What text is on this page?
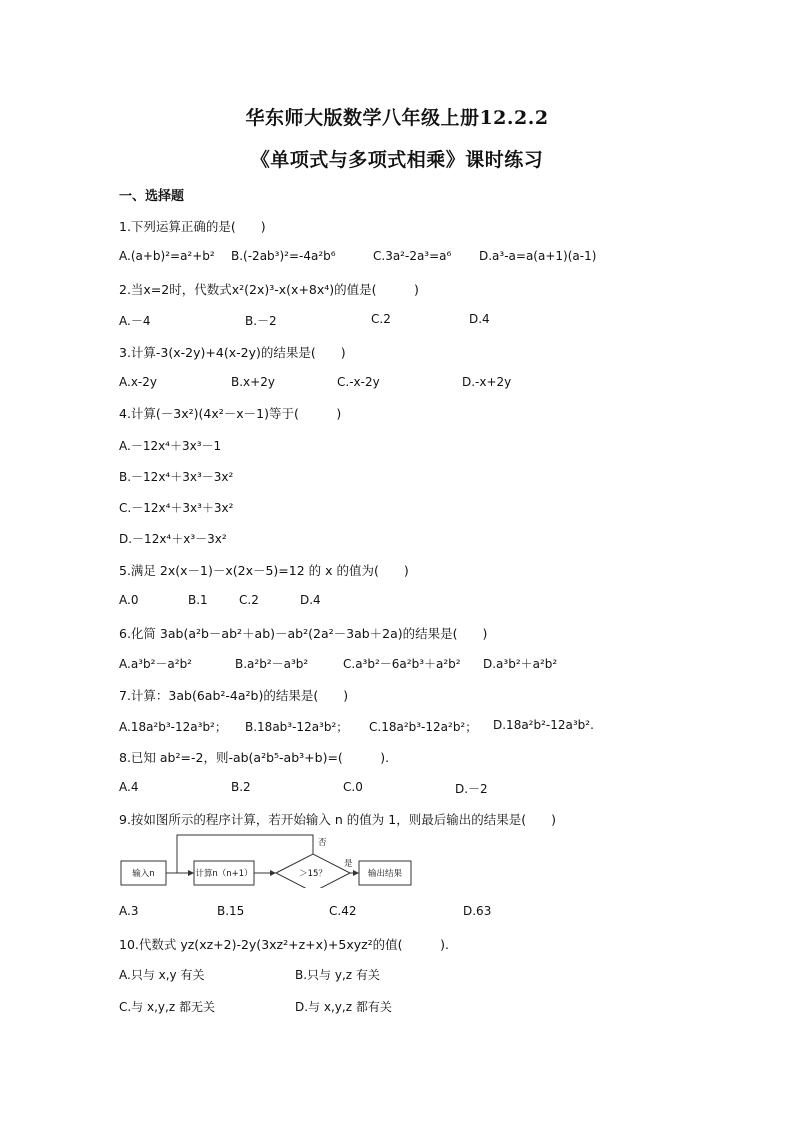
华东师大版数学八年级上册12.2.2
《单项式与多项式相乘》课时练习
一、选择题
1.下列运算正确的是(　　)
A.(a+b)²=a²+b² B.(-2ab³)²=-4a²b⁶	C.3a²-2a³=a⁶ D.a³-a=a(a+1)(a-1)
2.当x=2时，代数式x²(2x)³-x(x+8x⁴)的值是(　　　)
A.－4	B.－2	C.2	D.4
3.计算-3(x-2y)+4(x-2y)的结果是(　　)
A.x-2y	B.x+2y	C.-x-2y	D.-x+2y
4.计算(－3x²)(4x²－x－1)等于(　　　)
A.－12x⁴＋3x³－1
B.－12x⁴＋3x³－3x²
C.－12x⁴＋3x³＋3x²
D.－12x⁴＋x³－3x²
5.满足 2x(x－1)－x(2x－5)=12 的 x 的值为(　　)
A.0	B.1	C.2	D.4
6.化简 3ab(a²b－ab²＋ab)－ab²(2a²－3ab＋2a)的结果是(　　)
A.a³b²－a²b²	B.a²b²－a³b²	C.a³b²－6a²b³＋a²b² D.a³b²＋a²b²
7.计算：3ab(6ab²-4a²b)的结果是(　　)
A.18a²b³-12a³b²； B.18ab³-12a³b²； C.18a²b³-12a²b²； D.18a²b²-12a³b².
8.已知 ab²=-2，则-ab(a²b⁵-ab³+b)=(　　　).
A.4	B.2	C.0	D.－2
9.按如图所示的程序计算，若开始输入 n 的值为 1，则最后输出的结果是(　　)
输入n	计算n（n+1）	＞15？	输出结果
否
是
A.3	B.15	C.42	D.63
10.代数式 yz(xz+2)-2y(3xz²+z+x)+5xyz²的值(　　　).
A.只与 x,y 有关	B.只与 y,z 有关
C.与 x,y,z 都无关	D.与 x,y,z 都有关
